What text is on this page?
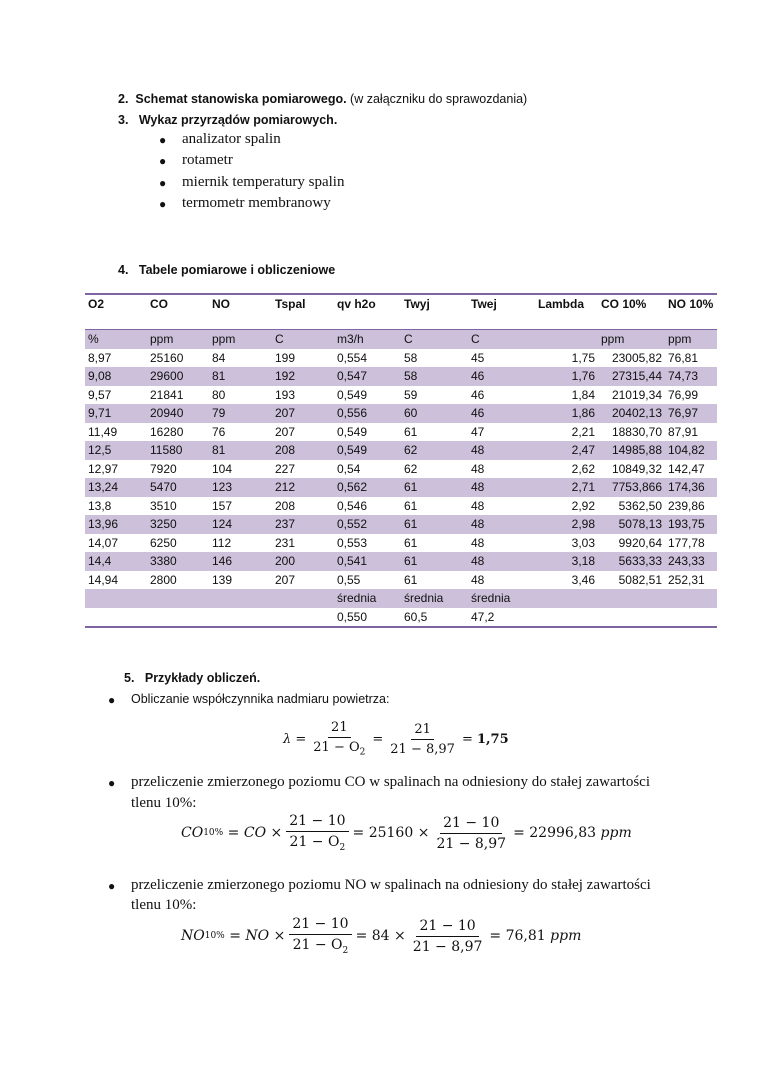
2. Schemat stanowiska pomiarowego. (w załączniku do sprawozdania)
3. Wykaz przyrządów pomiarowych.
● analizator spalin
● rotametr
● miernik temperatury spalin
● termometr membranowy
4. Tabele pomiarowe i obliczeniowe
O2	CO	NO	Tspal	qv h2o	Twyj	Twej	Lambda	CO 10%	NO 10%
%	ppm	ppm	C	m3/h	C	C		ppm	ppm
8,97	25160	84	199	0,554	58	45	1,75	23005,82	76,81
9,08	29600	81	192	0,547	58	46	1,76	27315,44	74,73
9,57	21841	80	193	0,549	59	46	1,84	21019,34	76,99
9,71	20940	79	207	0,556	60	46	1,86	20402,13	76,97
11,49	16280	76	207	0,549	61	47	2,21	18830,70	87,91
12,5	11580	81	208	0,549	62	48	2,47	14985,88	104,82
12,97	7920	104	227	0,54	62	48	2,62	10849,32	142,47
13,24	5470	123	212	0,562	61	48	2,71	7753,866	174,36
13,8	3510	157	208	0,546	61	48	2,92	5362,50	239,86
13,96	3250	124	237	0,552	61	48	2,98	5078,13	193,75
14,07	6250	112	231	0,553	61	48	3,03	9920,64	177,78
14,4	3380	146	200	0,541	61	48	3,18	5633,33	243,33
14,94	2800	139	207	0,55	61	48	3,46	5082,51	252,31
				średnia	średnia	średnia			
				0,550	60,5	47,2			
5. Przykłady obliczeń.
● Obliczanie współczynnika nadmiaru powietrza:
$\lambda = \frac{21}{21 - O_2} = \frac{21}{21 - 8,97} = 1,75$
● przeliczenie zmierzonego poziomu CO w spalinach na odniesiony do stałej zawartości
tlenu 10%:
CO 10% = CO × $\frac{21 - 10}{21 - O_2} = 25160 \times \frac{21 - 10}{21 - 8,97} = 22996,83$
ppm
● przeliczenie zmierzonego poziomu NO w spalinach na odniesiony do stałej zawartości
tlenu 10%:
NO 10% = NO × $\frac{21 - 10}{21 - O_2} = 84 \times \frac{21 - 10}{21 - 8,97} = 76,81$
ppm
